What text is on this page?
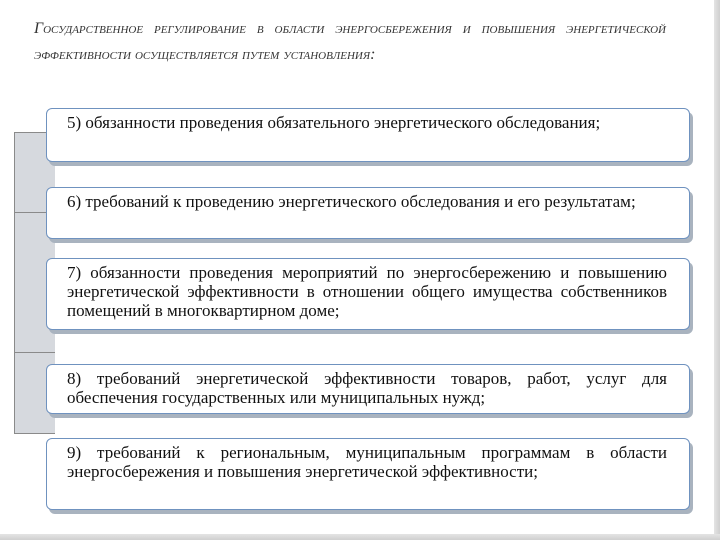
Государственное регулирование в области энергосбережения и повышения энергетической эффективности осуществляется путем установления:
5) обязанности проведения обязательного энергетического обследования;
6) требований к проведению энергетического обследования и его результатам;
7) обязанности проведения мероприятий по энергосбережению и повышению энергетической эффективности в отношении общего имущества собственников помещений в многоквартирном доме;
8) требований энергетической эффективности товаров, работ, услуг для обеспечения государственных или муниципальных нужд;
9) требований к региональным, муниципальным программам в области энергосбережения и повышения энергетической эффективности;
